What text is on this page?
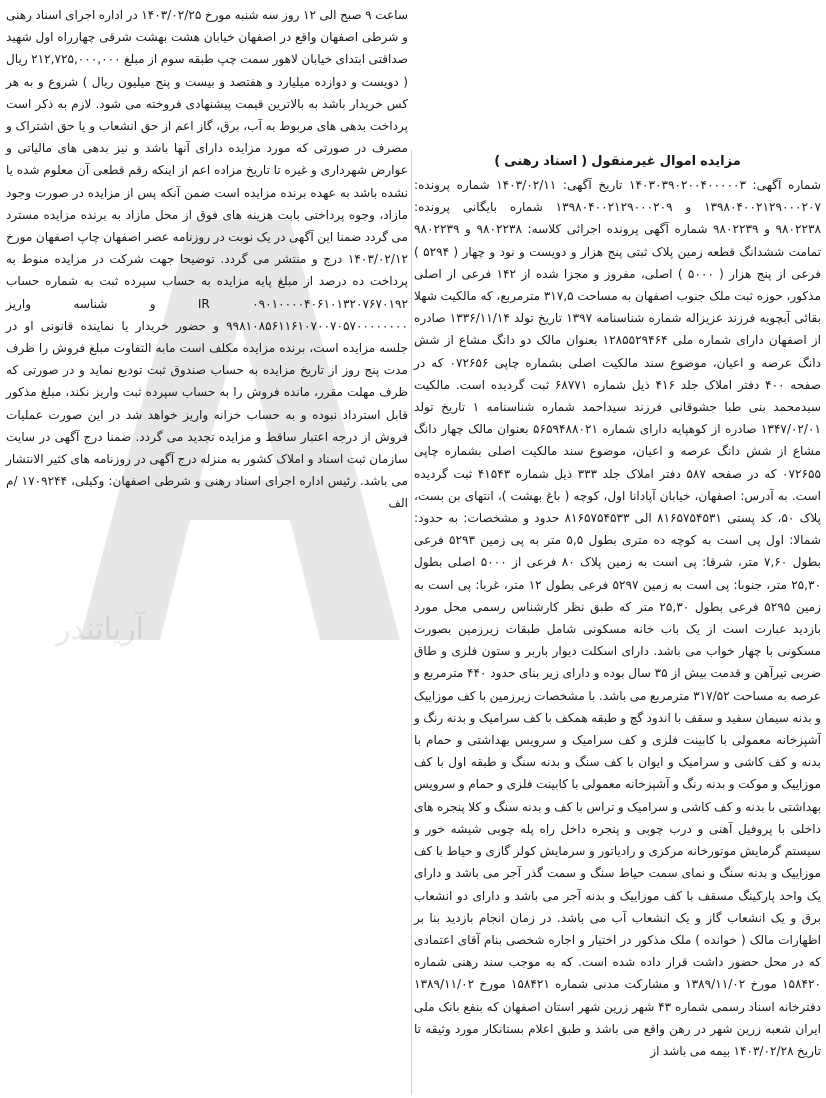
آریاتندر

ساعت ۹ صبح الی ۱۲ روز سه شنبه مورخ ۱۴۰۳/۰۲/۲۵ در اداره اجرای اسناد رهنی و شرطی اصفهان واقع در اصفهان خیابان هشت بهشت شرقی چهارراه اول شهید صداقتی ابتدای خیابان لاهور سمت چپ طبقه سوم از مبلغ ۲۱۲,۷۲۵,۰۰۰,۰۰۰ ریال ( دویست و دوازده میلیارد و هفتصد و بیست و پنج میلیون ریال ) شروع و به هر کس خریدار باشد به بالاترین قیمت پیشنهادی فروخته می شود. لازم به ذکر است پرداخت بدهی های مربوط به آب، برق، گاز اعم از حق انشعاب و یا حق اشتراک و مصرف در صورتی که مورد مزایده دارای آنها باشد و نیز بدهی های مالیاتی و عوارض شهرداری و غیره تا تاریخ مزاده اعم از اینکه رقم قطعی آن معلوم شده یا نشده باشد به عهده برنده مزایده است ضمن آنکه پس از مزایده در صورت وجود مازاد، وجوه پرداختی بابت هزینه های فوق از محل مازاد به برنده مزایده مسترد می گردد ضمنا این آگهی در یک نوبت در روزنامه عصر اصفهان چاپ اصفهان مورخ ۱۴۰۳/۰۲/۱۲ درج و منتشر می گردد. توضیحا جهت شرکت در مزایده منوط به پرداخت ده درصد از مبلغ پایه مزایده به حساب سپرده ثبت به شماره حساب ۰۹۰۱۰۰۰۰۴۰۶۱۰۱۳۲۰۷۶۷۰۱۹۲ IR و شناسه واریز ۹۹۸۱۰۸۵۶۱۱۶۱۰۷۰۰۷۰۵۷۰۰۰۰۰۰۰۰ و حضور خریدار یا نماینده قانونی او در جلسه مزایده است، برنده مزایده مکلف است مابه التفاوت مبلغ فروش را ظرف مدت پنج روز از تاریخ مزایده به حساب صندوق ثبت تودیع نماید و در صورتی که ظرف مهلت مقرر، مانده فروش را به حساب سپرده ثبت واریز نکند، مبلغ مذکور قابل استرداد نبوده و به حساب خزانه واریز خواهد شد در این صورت عملیات فروش از درجه اعتبار ساقط و مزایده تجدید می گردد. ضمنا درج آگهی در سایت سازمان ثبت اسناد و املاک کشور به منزله درج آگهی در روزنامه های کثیر الانتشار می باشد. رئیس اداره اجرای اسناد رهنی و شرطی اصفهان: وکیلی، ۱۷۰۹۲۴۴ /م الف

مزایده اموال غیرمنقول ( اسناد رهنی )

شماره آگهی: ۱۴۰۳۰۳۹۰۲۰۰۴۰۰۰۰۰۳ تاریخ آگهی: ۱۴۰۳/۰۲/۱۱ شماره پرونده: ۱۳۹۸۰۴۰۰۲۱۲۹۰۰۰۲۰۷ و ۱۳۹۸۰۴۰۰۲۱۲۹۰۰۰۲۰۹ شماره بایگانی پرونده: ۹۸۰۲۲۳۸ و ۹۸۰۲۲۳۹ شماره آگهی پرونده اجرائی کلاسه: ۹۸۰۲۲۳۸ و ۹۸۰۲۲۳۹ تمامت ششدانگ قطعه زمین پلاک ثبتی پنج هزار و دویست و نود و چهار ( ۵۲۹۴ ) فرعی از پنج هزار ( ۵۰۰۰ ) اصلی، مفروز و مجزا شده از ۱۴۲ فرعی از اصلی مذکور، حوزه ثبت ملک جنوب اصفهان به مساحت ۳۱۷,۵ مترمربع، که مالکیت شهلا بقائی آبچویه فرزند عزیزاله شماره شناسنامه ۱۳۹۷ تاریخ تولد ۱۳۳۶/۱۱/۱۴ صادره از اصفهان دارای شماره ملی ۱۲۸۵۵۲۹۴۶۴ بعنوان مالک دو دانگ مشاع از شش دانگ عرصه و اعیان، موضوع سند مالکیت اصلی بشماره چاپی ۰۷۲۶۵۶ که در صفحه ۴۰۰ دفتر املاک جلد ۴۱۶ ذیل شماره ۶۸۷۷۱ ثبت گردیده است. مالکیت سیدمحمد بنی طبا جشوقانی فرزند سیداحمد شماره شناسنامه ۱ تاریخ تولد ۱۳۴۷/۰۲/۰۱ صادره از کوهپایه دارای شماره ۵۶۵۹۴۸۸۰۲۱ بعنوان مالک چهار دانگ مشاع از شش دانگ عرصه و اعیان، موضوع سند مالکیت اصلی بشماره چاپی ۰۷۲۶۵۵ که در صفحه ۵۸۷ دفتر املاک جلد ۳۳۳ ذیل شماره ۴۱۵۴۳ ثبت گردیده است. به آدرس: اصفهان، خیابان آپادانا اول، کوچه ( باغ بهشت )، انتهای بن بست، پلاک ۵۰، کد پستی ۸۱۶۵۷۵۴۵۳۱ الی ۸۱۶۵۷۵۴۵۳۳ حدود و مشخصات: به حدود: شمالا: اول پی است به کوچه ده متری بطول ۵,۵ متر به پی زمین ۵۲۹۳ فرعی بطول ۷,۶۰ متر، شرقا: پی است به زمین پلاک ۸۰ فرعی از ۵۰۰۰ اصلی بطول ۲۵,۳۰ متر، جنوبا: پی است به زمین ۵۲۹۷ فرعی بطول ۱۲ متر، غربا: پی است به زمین ۵۲۹۵ فرعی بطول ۲۵,۳۰ متر که طبق نظر کارشناس رسمی محل مورد بازدید عبارت است از یک باب خانه مسکونی شامل طبقات زیرزمین بصورت مسکونی با چهار خواب می باشد. دارای اسکلت دیوار باربر و ستون فلزی و طاق ضربی تیرآهن و قدمت بیش از ۳۵ سال بوده و دارای زیر بنای حدود ۴۴۰ مترمربع و عرصه به مساحت ۳۱۷/۵۲ مترمربع می باشد. با مشخصات زیرزمین با کف موزاییک و بدنه سیمان سفید و سقف با اندود گچ و طبقه همکف با کف سرامیک و بدنه رنگ و آشپزخانه معمولی با کابینت فلزی و کف سرامیک و سرویس بهداشتی و حمام با بدنه و کف کاشی و سرامیک و ایوان با کف سنگ و بدنه سنگ و طبقه اول با کف موزاییک و موکت و بدنه رنگ و آشپزخانه معمولی با کابینت فلزی و حمام و سرویس بهداشتی با بدنه و کف کاشی و سرامیک و تراس با کف و بدنه سنگ و کلا پنجره های داخلی با پروفیل آهنی و درب چوبی و پنجره داخل راه پله چوبی شیشه خور و سیستم گرمایش موتورخانه مرکزی و رادیاتور و سرمایش کولر گازی و حیاط با کف موزاییک و بدنه سنگ و نمای سمت حیاط سنگ و سمت گذر آجر می باشد و دارای یک واحد پارکینگ مسقف با کف موزاییک و بدنه آجر می باشد و دارای دو انشعاب برق و یک انشعاب گاز و یک انشعاب آب می باشد. در زمان انجام بازدید بنا بر اظهارات مالک ( خوانده ) ملک مذکور در اختیار و اجاره شخصی بنام آقای اعتمادی که در محل حضور داشت قرار داده شده است. که به موجب سند رهنی شماره ۱۵۸۴۲۰ مورخ ۱۳۸۹/۱۱/۰۲ و مشارکت مدنی شماره ۱۵۸۴۲۱ مورخ ۱۳۸۹/۱۱/۰۲ دفترخانه اسناد رسمی شماره ۴۳ شهر زرین شهر استان اصفهان که بنفع بانک ملی ایران شعبه زرین شهر در رهن واقع می باشد و طبق اعلام بستانکار مورد وثیقه تا تاریخ ۱۴۰۳/۰۲/۲۸ بیمه می باشد از
